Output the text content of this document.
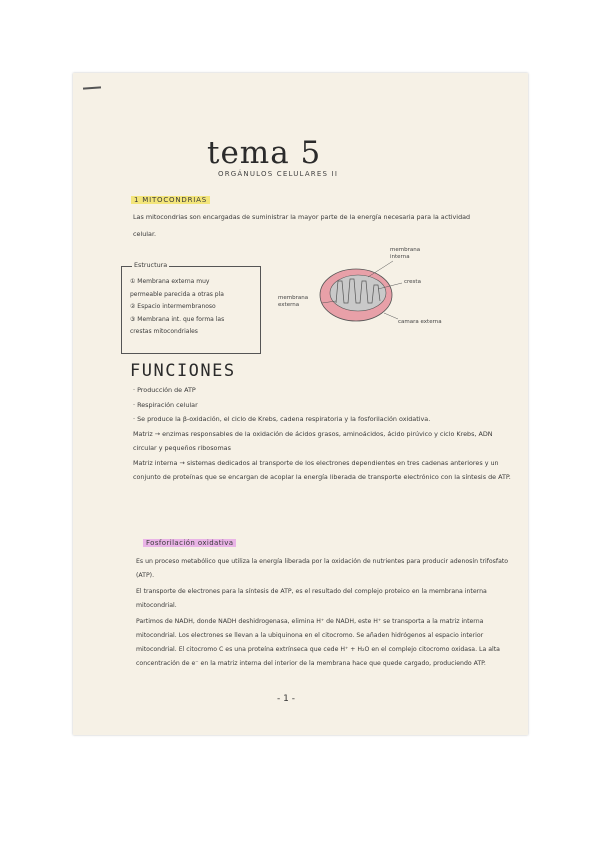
tema 5
ORGÁNULOS CELULARES II
1 MITOCONDRIAS
Las mitocondrias son encargadas de suministrar la mayor parte de la energía necesaria para la actividad celular.
Estructura
① Membrana externa muy
permeable parecida a otras pla
② Espacio intermembranoso
③ Membrana int. que forma las
crestas mitocondriales
membrana interna
cresta
membrana externa
camara externa
FUNCIONES
· Producción de ATP
· Respiración celular
· Se produce la β-oxidación, el ciclo de Krebs, cadena respiratoria y la fosforilación oxidativa.
Matriz → enzimas responsables de la oxidación de ácidos grasos, aminoácidos, ácido pirúvico y ciclo Krebs, ADN circular y pequeños ribosomas
Matriz interna → sistemas dedicados al transporte de los electrones dependientes en tres cadenas anteriores y un conjunto de proteínas que se encargan de acoplar la energía liberada de transporte electrónico con la síntesis de ATP.
Fosforilación oxidativa

Es un proceso metabólico que utiliza la energía liberada por la oxidación de nutrientes para producir adenosín trifosfato (ATP).

El transporte de electrones para la síntesis de ATP, es el resultado del complejo proteico en la membrana interna mitocondrial.

Partimos de NADH, donde NADH deshidrogenasa, elimina H⁺ de NADH, este H⁺ se transporta a la matriz interna mitocondrial. Los electrones se llevan a la ubiquinona en el citocromo. Se añaden hidrógenos al espacio interior mitocondrial. El citocromo C es una proteína extrínseca que cede H⁺ + H₂O en el complejo citocromo oxidasa. La alta concentración de e⁻ en la matriz interna del interior de la membrana hace que quede cargado, produciendo ATP.

- 1 -
